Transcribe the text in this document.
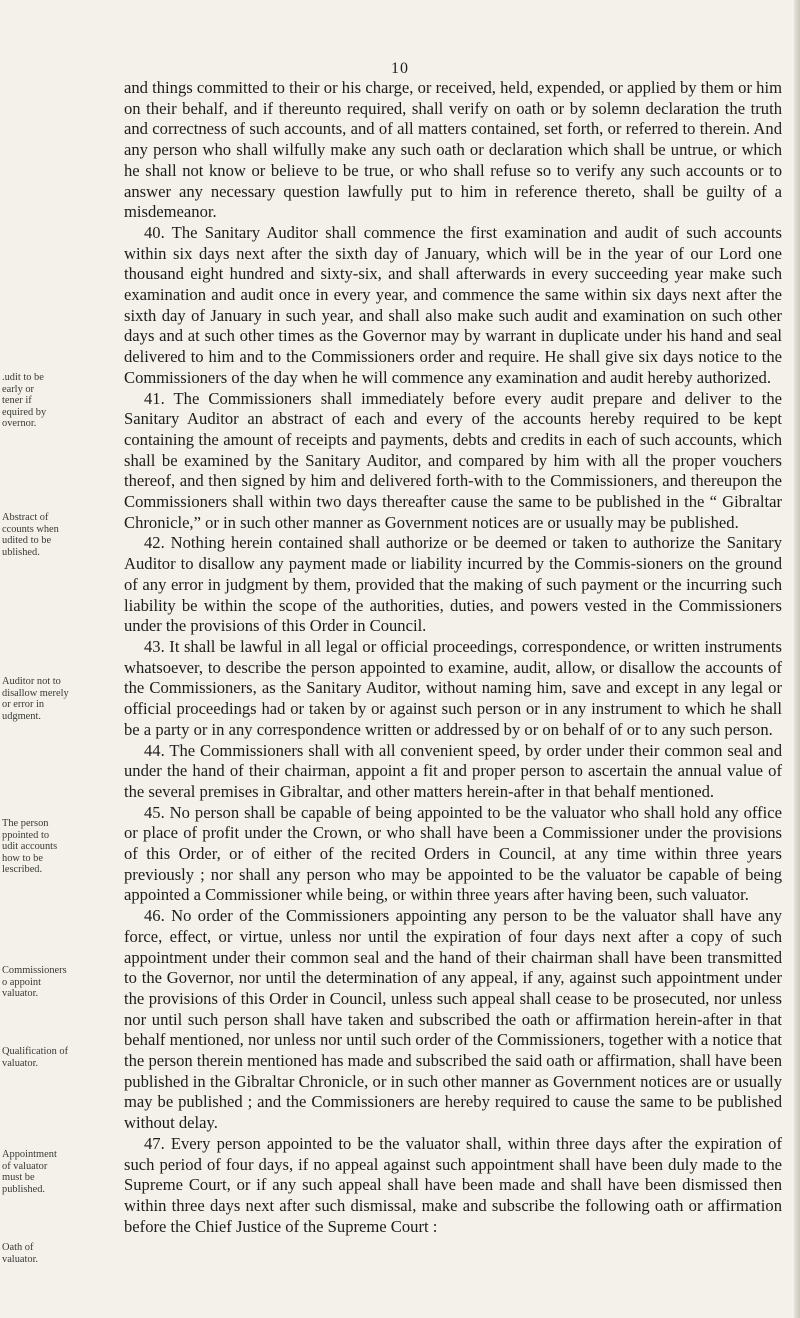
10
.udit to be
early or
tener if
equired by
overnor.
Abstract of
ccounts when
udited to be
ublished.
Auditor not to
disallow merely
or error in
udgment.
The person
ppointed to
udit accounts
how to be
lescribed.
Commissioners
o appoint
valuator.
Qualification of
valuator.
Appointment
of valuator
must be
published.
Oath of
valuator.

and things committed to their or his charge, or received, held, expended, or applied by them or him on their behalf, and if thereunto required, shall verify on oath or by solemn declaration the truth and correctness of such accounts, and of all matters contained, set forth, or referred to therein. And any person who shall wilfully make any such oath or declaration which shall be untrue, or which he shall not know or believe to be true, or who shall refuse so to verify any such accounts or to answer any necessary question lawfully put to him in reference thereto, shall be guilty of a misdemeanor.

40. The Sanitary Auditor shall commence the first examination and audit of such accounts within six days next after the sixth day of January, which will be in the year of our Lord one thousand eight hundred and sixty-six, and shall afterwards in every succeeding year make such examination and audit once in every year, and commence the same within six days next after the sixth day of January in such year, and shall also make such audit and examination on such other days and at such other times as the Governor may by warrant in duplicate under his hand and seal delivered to him and to the Commissioners order and require. He shall give six days notice to the Commissioners of the day when he will commence any examination and audit hereby authorized.

41. The Commissioners shall immediately before every audit prepare and deliver to the Sanitary Auditor an abstract of each and every of the accounts hereby required to be kept containing the amount of receipts and payments, debts and credits in each of such accounts, which shall be examined by the Sanitary Auditor, and compared by him with all the proper vouchers thereof, and then signed by him and delivered forth-with to the Commissioners, and thereupon the Commissioners shall within two days thereafter cause the same to be published in the “ Gibraltar Chronicle,” or in such other manner as Government notices are or usually may be published.

42. Nothing herein contained shall authorize or be deemed or taken to authorize the Sanitary Auditor to disallow any payment made or liability incurred by the Commis-sioners on the ground of any error in judgment by them, provided that the making of such payment or the incurring such liability be within the scope of the authorities, duties, and powers vested in the Commissioners under the provisions of this Order in Council.

43. It shall be lawful in all legal or official proceedings, correspondence, or written instruments whatsoever, to describe the person appointed to examine, audit, allow, or disallow the accounts of the Commissioners, as the Sanitary Auditor, without naming him, save and except in any legal or official proceedings had or taken by or against such person or in any instrument to which he shall be a party or in any correspondence written or addressed by or on behalf of or to any such person.

44. The Commissioners shall with all convenient speed, by order under their common seal and under the hand of their chairman, appoint a fit and proper person to ascertain the annual value of the several premises in Gibraltar, and other matters herein-after in that behalf mentioned.

45. No person shall be capable of being appointed to be the valuator who shall hold any office or place of profit under the Crown, or who shall have been a Commissioner under the provisions of this Order, or of either of the recited Orders in Council, at any time within three years previously ; nor shall any person who may be appointed to be the valuator be capable of being appointed a Commissioner while being, or within three years after having been, such valuator.

46. No order of the Commissioners appointing any person to be the valuator shall have any force, effect, or virtue, unless nor until the expiration of four days next after a copy of such appointment under their common seal and the hand of their chairman shall have been transmitted to the Governor, nor until the determination of any appeal, if any, against such appointment under the provisions of this Order in Council, unless such appeal shall cease to be prosecuted, nor unless nor until such person shall have taken and subscribed the oath or affirmation herein-after in that behalf mentioned, nor unless nor until such order of the Commissioners, together with a notice that the person therein mentioned has made and subscribed the said oath or affirmation, shall have been published in the Gibraltar Chronicle, or in such other manner as Government notices are or usually may be published ; and the Commissioners are hereby required to cause the same to be published without delay.

47. Every person appointed to be the valuator shall, within three days after the expiration of such period of four days, if no appeal against such appointment shall have been duly made to the Supreme Court, or if any such appeal shall have been made and shall have been dismissed then within three days next after such dismissal, make and subscribe the following oath or affirmation before the Chief Justice of the Supreme Court :
